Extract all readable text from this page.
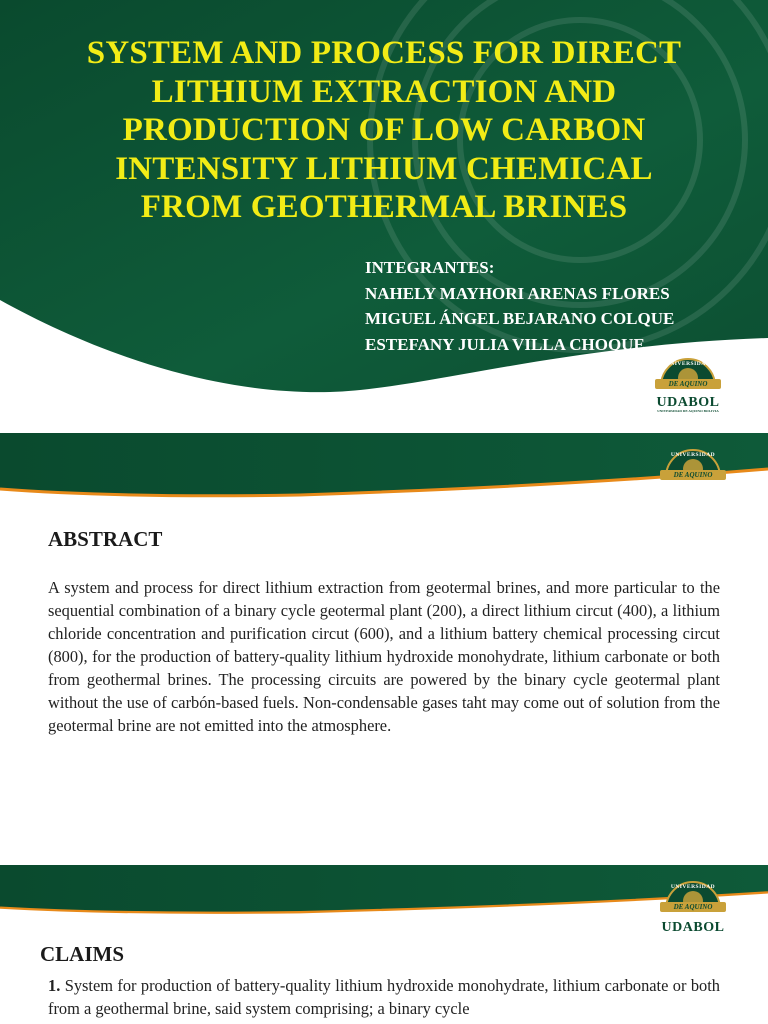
SYSTEM AND PROCESS FOR DIRECT
LITHIUM EXTRACTION AND
PRODUCTION OF LOW CARBON
INTENSITY LITHIUM CHEMICAL
FROM GEOTHERMAL BRINES
INTEGRANTES:
NAHELY MAYHORI ARENAS FLORES
MIGUEL ÁNGEL BEJARANO COLQUE
ESTEFANY JULIA VILLA CHOQUE
UNIVERSIDAD
DE AQUINO
UDABOL
UNIVERSIDAD DE AQUINO BOLIVIA
UNIVERSIDAD
DE AQUINO
UDABOL
ABSTRACT

A system and process for direct lithium extraction from geotermal brines, and more particular to the sequential combination of a binary cycle geotermal plant (200), a direct lithium circut (400), a lithium chloride concentration and purification circut (600), and a lithium battery chemical processing circut (800), for the production of battery-quality lithium hydroxide monohydrate, lithium carbonate or both from geothermal brines. The processing circuits are powered by the binary cycle geotermal plant without the use of carbón-based fuels. Non-condensable gases taht may come out of solution from the geotermal brine are not emitted into the atmosphere.

UNIVERSIDAD
DE AQUINO
UDABOL
CLAIMS

1. System for production of battery-quality lithium hydroxide monohydrate, lithium carbonate or both from a geothermal brine, said system comprising; a binary cycle
